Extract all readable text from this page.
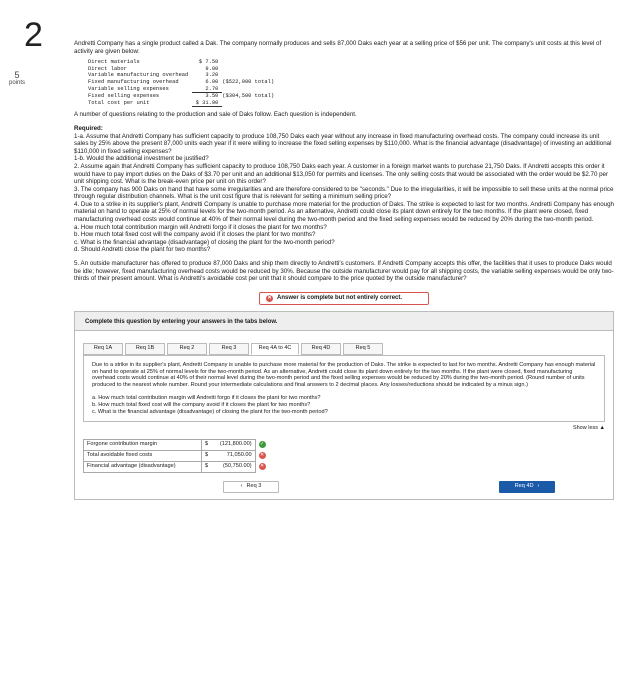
2
5
points

Andretti Company has a single product called a Dak. The company normally produces and sells 87,000 Daks each year at a selling price of $56 per unit. The company's unit costs at this level of activity are given below:

Direct materials	$ 7.50	
Direct labor	9.00	
Variable manufacturing overhead	3.20	
Fixed manufacturing overhead	6.00	($522,000 total)
Variable selling expenses	2.70	
Fixed selling expenses	3.50	($304,500 total)
Total cost per unit	$ 31.90	

A number of questions relating to the production and sale of Daks follow. Each question is independent.

Required:

1-a. Assume that Andretti Company has sufficient capacity to produce 108,750 Daks each year without any increase in fixed manufacturing overhead costs. The company could increase its unit sales by 25% above the present 87,000 units each year if it were willing to increase the fixed selling expenses by $110,000. What is the financial advantage (disadvantage) of investing an additional $110,000 in fixed selling expenses?

1-b. Would the additional investment be justified?

2. Assume again that Andretti Company has sufficient capacity to produce 108,750 Daks each year. A customer in a foreign market wants to purchase 21,750 Daks. If Andretti accepts this order it would have to pay import duties on the Daks of $3.70 per unit and an additional $13,050 for permits and licenses. The only selling costs that would be associated with the order would be $2.70 per unit shipping cost. What is the break-even price per unit on this order?

3. The company has 900 Daks on hand that have some irregularities and are therefore considered to be "seconds." Due to the irregularities, it will be impossible to sell these units at the normal price through regular distribution channels. What is the unit cost figure that is relevant for setting a minimum selling price?

4. Due to a strike in its supplier's plant, Andretti Company is unable to purchase more material for the production of Daks. The strike is expected to last for two months. Andretti Company has enough material on hand to operate at 25% of normal levels for the two-month period. As an alternative, Andretti could close its plant down entirely for the two months. If the plant were closed, fixed manufacturing overhead costs would continue at 40% of their normal level during the two-month period and the fixed selling expenses would be reduced by 20% during the two-month period.

a. How much total contribution margin will Andretti forgo if it closes the plant for two months?

b. How much total fixed cost will the company avoid if it closes the plant for two months?

c. What is the financial advantage (disadvantage) of closing the plant for the two-month period?

d. Should Andretti close the plant for two months?

5. An outside manufacturer has offered to produce 87,000 Daks and ship them directly to Andretti's customers. If Andretti Company accepts this offer, the facilities that it uses to produce Daks would be idle; however, fixed manufacturing overhead costs would be reduced by 30%. Because the outside manufacturer would pay for all shipping costs, the variable selling expenses would be only two-thirds of their present amount. What is Andretti's avoidable cost per unit that it should compare to the price quoted by the outside manufacturer?

✕ Answer is complete but not entirely correct.
Complete this question by entering your answers in the tabs below.
Req 1A	Req 1B	Req 2	Req 3	Req 4A to 4C	Req 4D	Req 5

Due to a strike in its supplier's plant, Andretti Company is unable to purchase more material for the production of Daks. The strike is expected to last for two months. Andretti Company has enough material on hand to operate at 25% of normal levels for the two-month period. As an alternative, Andretti could close its plant down entirely for the two months. If the plant were closed, fixed manufacturing overhead costs would continue at 40% of their normal level during the two-month period and the fixed selling expenses would be reduced by 20% during the two-month period. (Round number of units produced to the nearest whole number. Round your intermediate calculations and final answers to 2 decimal places. Any losses/reductions should be indicated by a minus sign.)

a. How much total contribution margin will Andretti forgo if it closes the plant for two months?

b. How much total fixed cost will the company avoid if it closes the plant for two months?

c. What is the financial advantage (disadvantage) of closing the plant for the two-month period?

Show less ▲
Forgone contribution margin	$	(121,800.00)	✓
Total avoidable fixed costs	$	71,050.00	✕
Financial advantage (disadvantage)	$	(50,750.00)	✕
‹ Req 3	Req 4D ›
